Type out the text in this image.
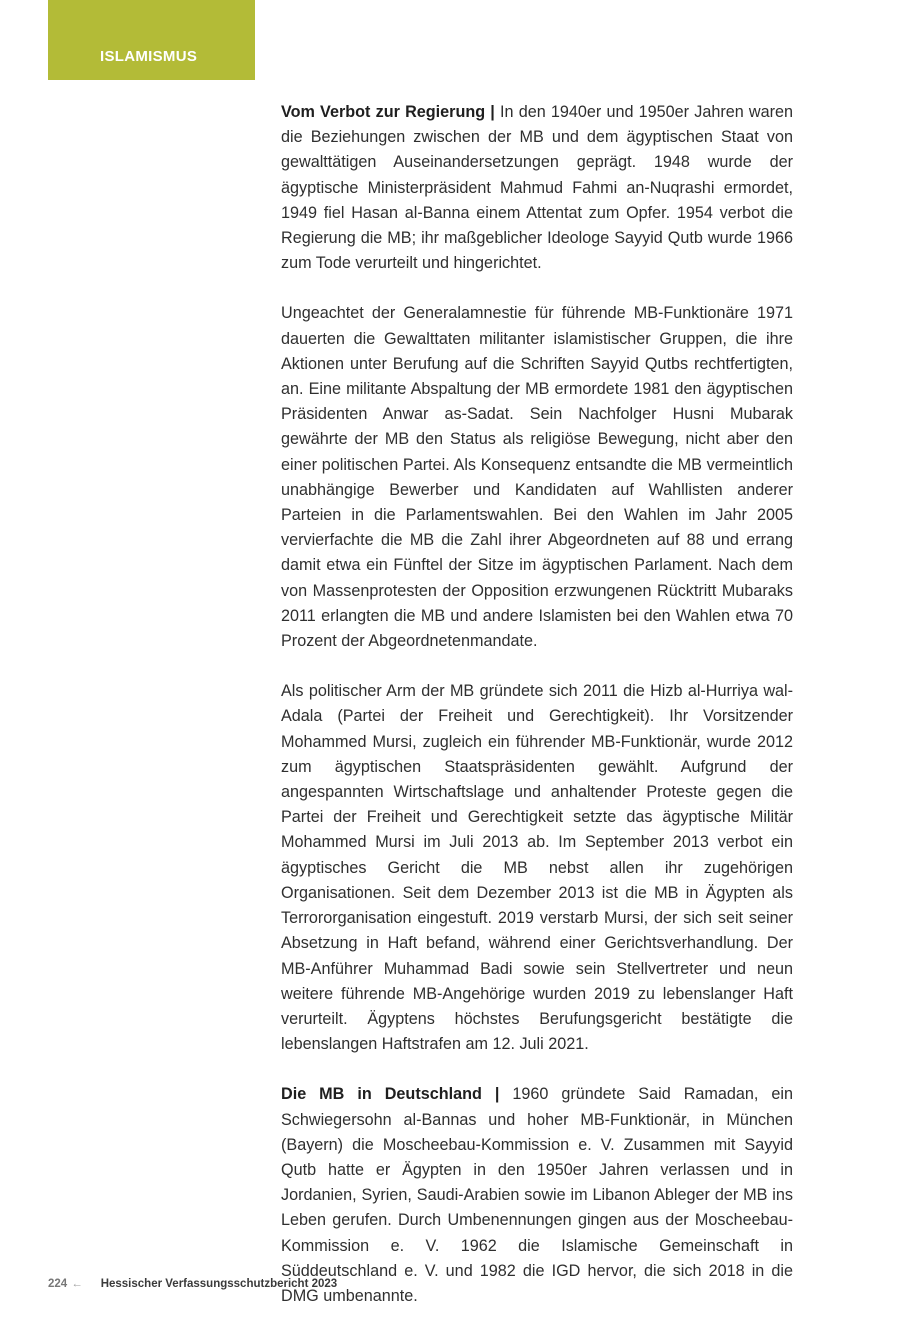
ISLAMISMUS

Vom Verbot zur Regierung | In den 1940er und 1950er Jahren waren die Beziehungen zwischen der MB und dem ägyptischen Staat von gewalttätigen Auseinandersetzungen geprägt. 1948 wurde der ägyptische Ministerpräsident Mahmud Fahmi an-Nuqrashi ermordet, 1949 fiel Hasan al-Banna einem Attentat zum Opfer. 1954 verbot die Regierung die MB; ihr maßgeblicher Ideologe Sayyid Qutb wurde 1966 zum Tode verurteilt und hingerichtet.

Ungeachtet der Generalamnestie für führende MB-Funktionäre 1971 dauerten die Gewalttaten militanter islamistischer Gruppen, die ihre Aktionen unter Berufung auf die Schriften Sayyid Qutbs rechtfertigten, an. Eine militante Abspaltung der MB ermordete 1981 den ägyptischen Präsidenten Anwar as-Sadat. Sein Nachfolger Husni Mubarak gewährte der MB den Status als religiöse Bewegung, nicht aber den einer politischen Partei. Als Konsequenz entsandte die MB vermeintlich unabhängige Bewerber und Kandidaten auf Wahllisten anderer Parteien in die Parlamentswahlen. Bei den Wahlen im Jahr 2005 vervierfachte die MB die Zahl ihrer Abgeordneten auf 88 und errang damit etwa ein Fünftel der Sitze im ägyptischen Parlament. Nach dem von Massenprotesten der Opposition erzwungenen Rücktritt Mubaraks 2011 erlangten die MB und andere Islamisten bei den Wahlen etwa 70 Prozent der Abgeordnetenmandate.

Als politischer Arm der MB gründete sich 2011 die Hizb al-Hurriya wal-Adala (Partei der Freiheit und Gerechtigkeit). Ihr Vorsitzender Mohammed Mursi, zugleich ein führender MB-Funktionär, wurde 2012 zum ägyptischen Staatspräsidenten gewählt. Aufgrund der angespannten Wirtschaftslage und anhaltender Proteste gegen die Partei der Freiheit und Gerechtigkeit setzte das ägyptische Militär Mohammed Mursi im Juli 2013 ab. Im September 2013 verbot ein ägyptisches Gericht die MB nebst allen ihr zugehörigen Organisationen. Seit dem Dezember 2013 ist die MB in Ägypten als Terrororganisation eingestuft. 2019 verstarb Mursi, der sich seit seiner Absetzung in Haft befand, während einer Gerichtsverhandlung. Der MB-Anführer Muhammad Badi sowie sein Stellvertreter und neun weitere führende MB-Angehörige wurden 2019 zu lebenslanger Haft verurteilt. Ägyptens höchstes Berufungsgericht bestätigte die lebenslangen Haftstrafen am 12. Juli 2021.

Die MB in Deutschland | 1960 gründete Said Ramadan, ein Schwiegersohn al-Bannas und hoher MB-Funktionär, in München (Bayern) die Moscheebau-Kommission e. V. Zusammen mit Sayyid Qutb hatte er Ägypten in den 1950er Jahren verlassen und in Jordanien, Syrien, Saudi-Arabien sowie im Libanon Ableger der MB ins Leben gerufen. Durch Umbenennungen gingen aus der Moscheebau-Kommission e. V. 1962 die Islamische Gemeinschaft in Süddeutschland e. V. und 1982 die IGD hervor, die sich 2018 in die DMG umbenannte.

224 ← Hessischer Verfassungsschutzbericht 2023
